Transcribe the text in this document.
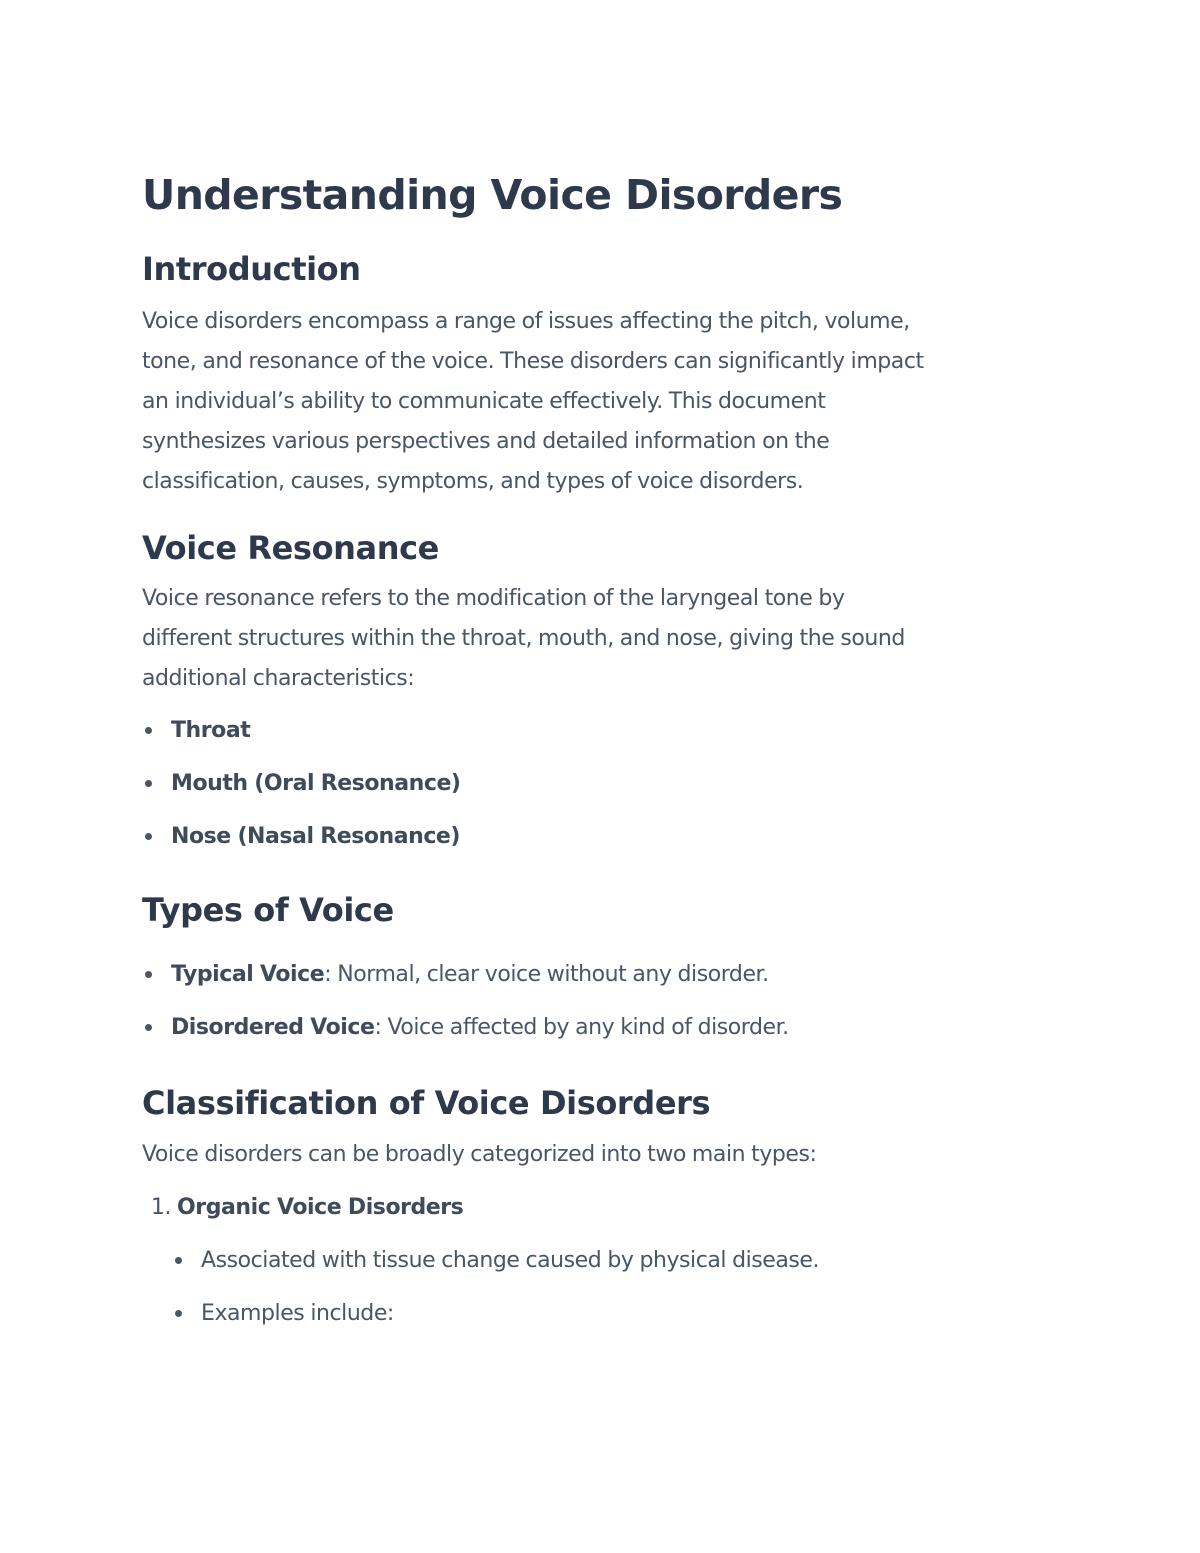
Understanding Voice Disorders
Introduction

Voice disorders encompass a range of issues affecting the pitch, volume,
tone, and resonance of the voice. These disorders can significantly impact
an individual’s ability to communicate effectively. This document
synthesizes various perspectives and detailed information on the
classification, causes, symptoms, and types of voice disorders.

Voice Resonance

Voice resonance refers to the modification of the laryngeal tone by
different structures within the throat, mouth, and nose, giving the sound
additional characteristics:

Throat
Mouth (Oral Resonance)
Nose (Nasal Resonance)
Types of Voice
Typical Voice: Normal, clear voice without any disorder.
Disordered Voice: Voice affected by any kind of disorder.
Classification of Voice Disorders

Voice disorders can be broadly categorized into two main types:

1. Organic Voice Disorders
Associated with tissue change caused by physical disease.
Examples include:
